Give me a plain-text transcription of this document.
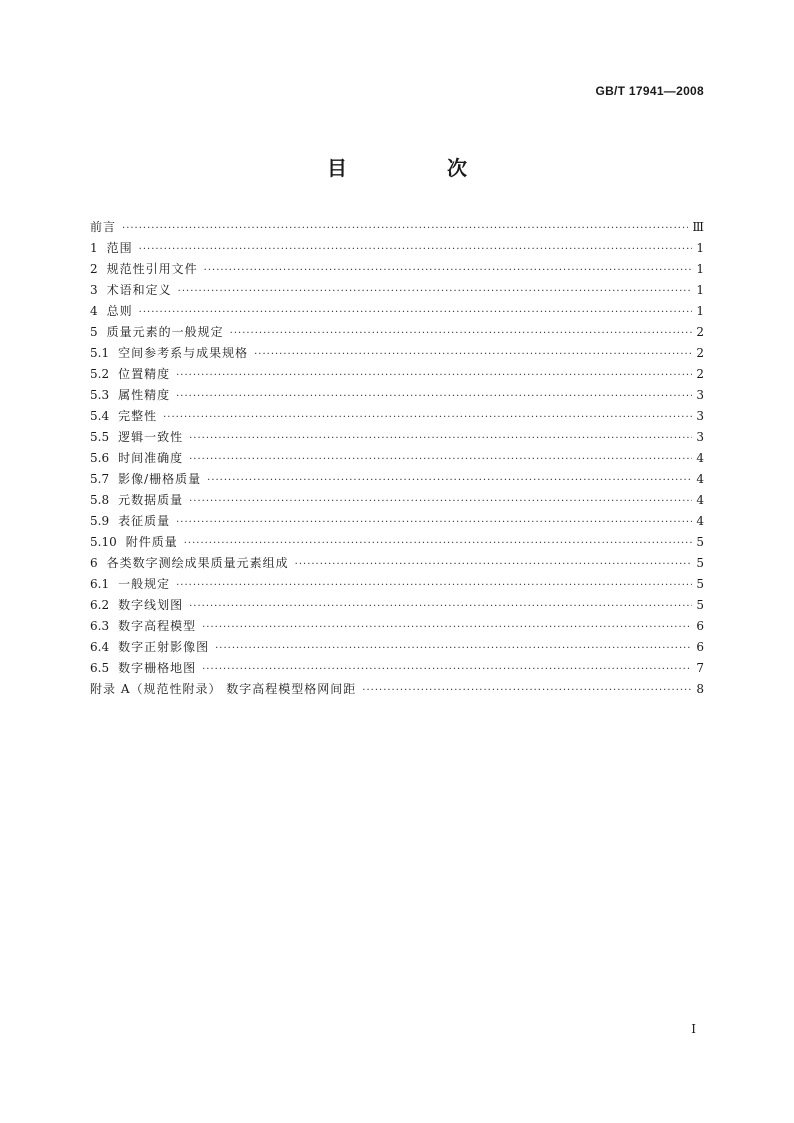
GB/T 17941—2008
目　次
前言 ·····	Ⅲ
1 范围 ·····	1
2 规范性引用文件 ·····	1
3 术语和定义 ·····	1
4 总则 ·····	1
5 质量元素的一般规定 ·····	2
5.1 空间参考系与成果规格 ·····	2
5.2 位置精度 ·····	2
5.3 属性精度 ·····	3
5.4 完整性 ·····	3
5.5 逻辑一致性 ·····	3
5.6 时间准确度 ·····	4
5.7 影像/栅格质量 ·····	4
5.8 元数据质量 ·····	4
5.9 表征质量 ·····	4
5.10 附件质量 ·····	5
6 各类数字测绘成果质量元素组成 ·····	5
6.1 一般规定 ·····	5
6.2 数字线划图 ·····	5
6.3 数字高程模型 ·····	6
6.4 数字正射影像图 ·····	6
6.5 数字栅格地图 ·····	7
附录 A（规范性附录） 数字高程模型格网间距 ·····	8
Ⅰ
